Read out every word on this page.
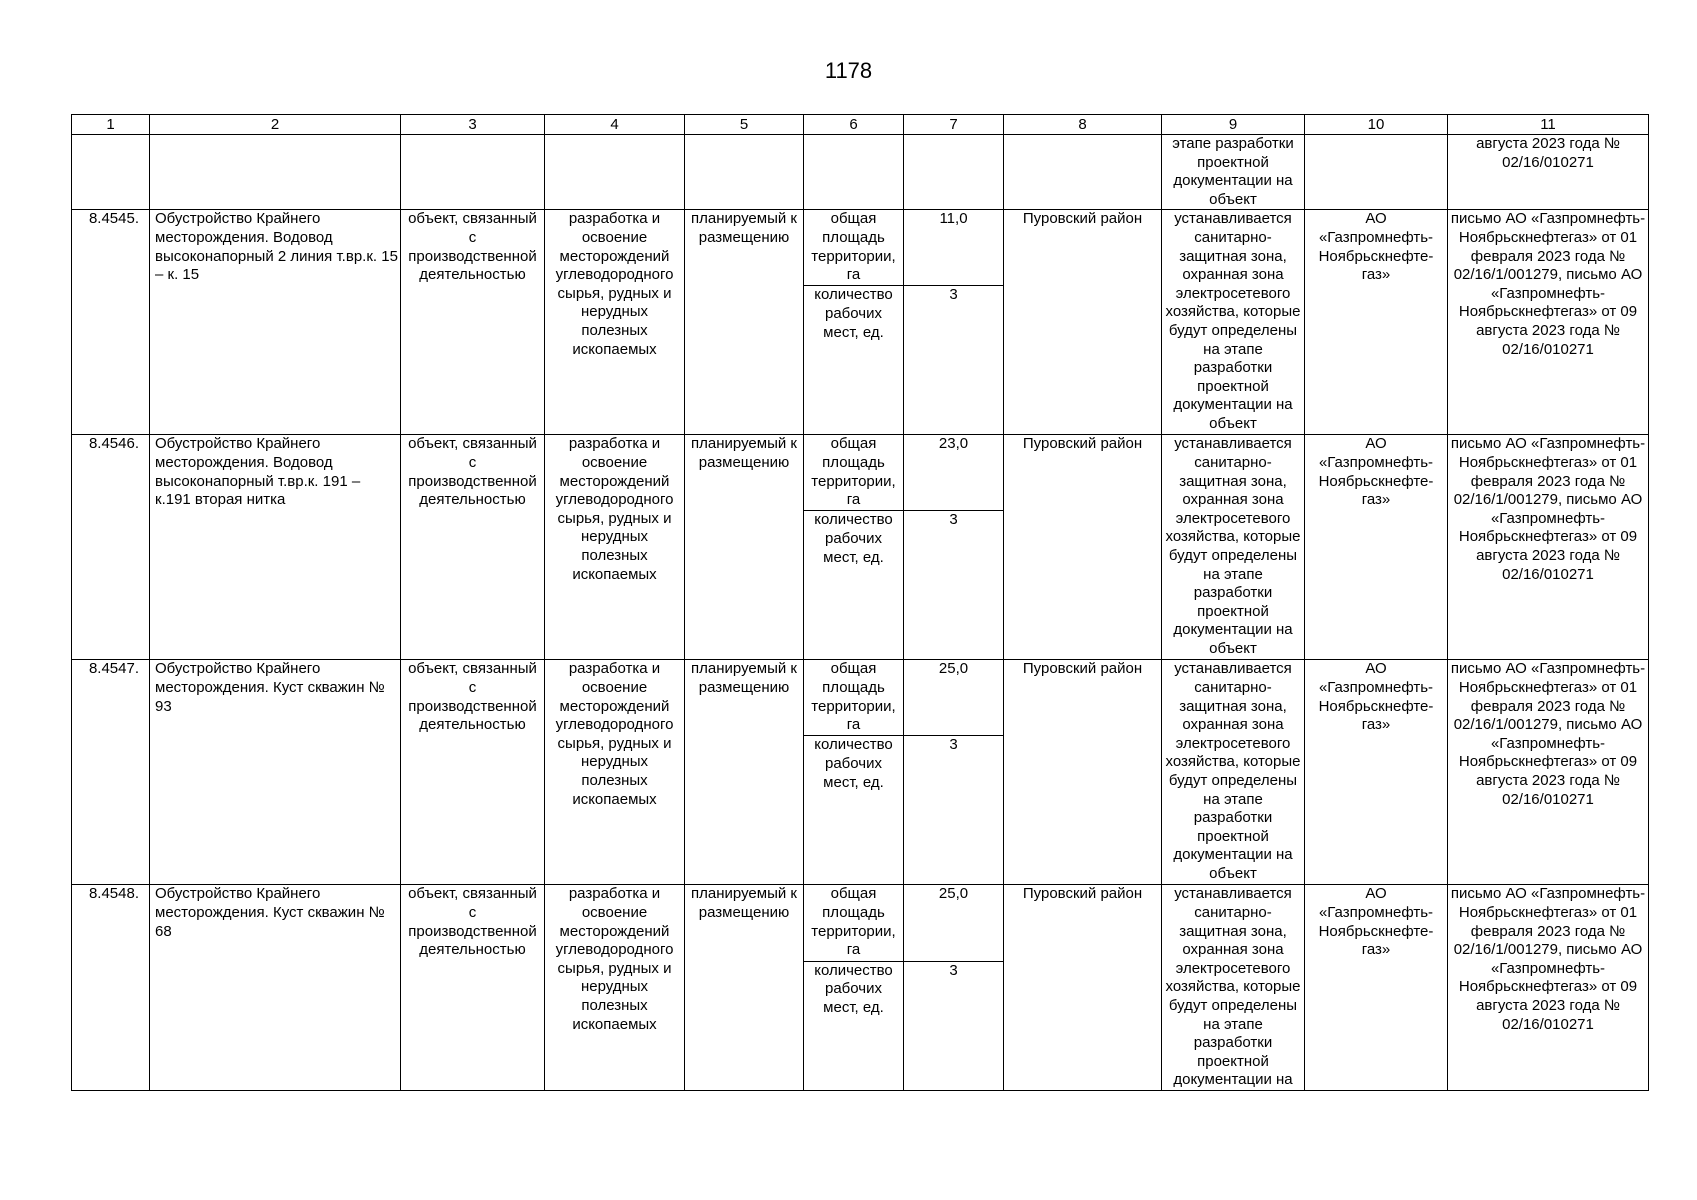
1178
1	2	3	4	5	6	7	8	9	10	11
								этапе разработки проектной документации на объект		августа 2023 года № 02/16/010271
8.4545.	Обустройство Крайнего месторождения. Водовод высоконапорный 2 линия т.вр.к. 15 – к. 15	объект, связанный с производственной деятельностью	разработка и освоение месторождений углеводородного сырья, рудных и нерудных полезных ископаемых	планируемый к размещению	общая площадь территории, га	11,0	Пуровский район	устанавливается санитарно-защитная зона, охранная зона электросетевого хозяйства, которые будут определены на этапе разработки проектной документации на объект	АО «Газпромнефть-Ноябрьскнефте-газ»	письмо АО «Газпромнефть-Ноябрьскнефтегаз» от 01 февраля 2023 года № 02/16/1/001279, письмо АО «Газпромнефть-Ноябрьскнефтегаз» от 09 августа 2023 года № 02/16/010271
					количество рабочих мест, ед.	3				
8.4546.	Обустройство Крайнего месторождения. Водовод высоконапорный т.вр.к. 191 – к.191 вторая нитка	объект, связанный с производственной деятельностью	разработка и освоение месторождений углеводородного сырья, рудных и нерудных полезных ископаемых	планируемый к размещению	общая площадь территории, га	23,0	Пуровский район	устанавливается санитарно-защитная зона, охранная зона электросетевого хозяйства, которые будут определены на этапе разработки проектной документации на объект	АО «Газпромнефть-Ноябрьскнефте-газ»	письмо АО «Газпромнефть-Ноябрьскнефтегаз» от 01 февраля 2023 года № 02/16/1/001279, письмо АО «Газпромнефть-Ноябрьскнефтегаз» от 09 августа 2023 года № 02/16/010271
					количество рабочих мест, ед.	3				
8.4547.	Обустройство Крайнего месторождения. Куст скважин № 93	объект, связанный с производственной деятельностью	разработка и освоение месторождений углеводородного сырья, рудных и нерудных полезных ископаемых	планируемый к размещению	общая площадь территории, га	25,0	Пуровский район	устанавливается санитарно-защитная зона, охранная зона электросетевого хозяйства, которые будут определены на этапе разработки проектной документации на объект	АО «Газпромнефть-Ноябрьскнефте-газ»	письмо АО «Газпромнефть-Ноябрьскнефтегаз» от 01 февраля 2023 года № 02/16/1/001279, письмо АО «Газпромнефть-Ноябрьскнефтегаз» от 09 августа 2023 года № 02/16/010271
					количество рабочих мест, ед.	3				
8.4548.	Обустройство Крайнего месторождения. Куст скважин № 68	объект, связанный с производственной деятельностью	разработка и освоение месторождений углеводородного сырья, рудных и нерудных полезных ископаемых	планируемый к размещению	общая площадь территории, га	25,0	Пуровский район	устанавливается санитарно-защитная зона, охранная зона электросетевого хозяйства, которые будут определены на этапе разработки проектной документации на	АО «Газпромнефть-Ноябрьскнефте-газ»	письмо АО «Газпромнефть-Ноябрьскнефтегаз» от 01 февраля 2023 года № 02/16/1/001279, письмо АО «Газпромнефть-Ноябрьскнефтегаз» от 09 августа 2023 года № 02/16/010271
					количество рабочих мест, ед.	3				
